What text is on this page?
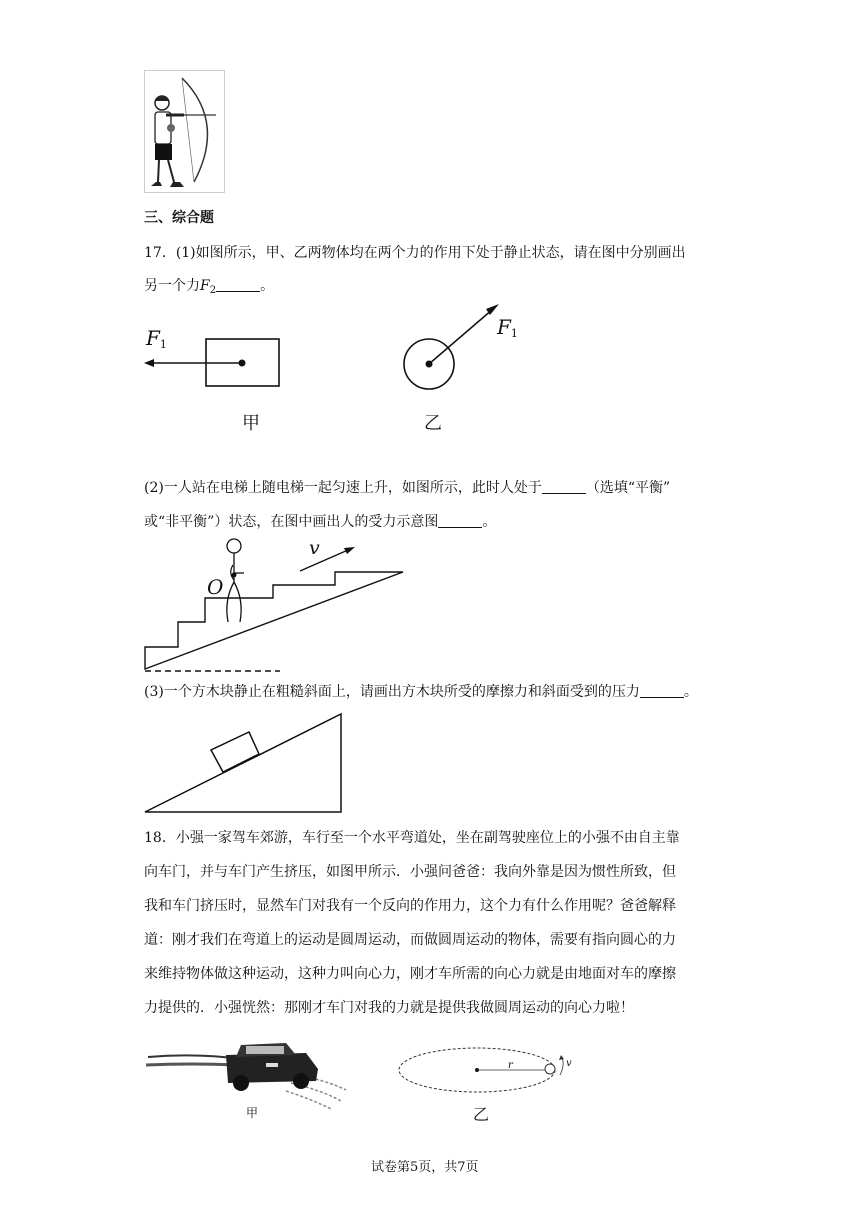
三、综合题
17．(1)如图所示，甲、乙两物体均在两个力的作用下处于静止状态，请在图中分别画出
另一个力$F_2$	。
F1
甲
F1
乙
(2)一人站在电梯上随电梯一起匀速上升，如图所示，此时人处于	（选填“平衡”
或“非平衡”）状态，在图中画出人的受力示意图	。
v
O
(3)一个方木块静止在粗糙斜面上，请画出方木块所受的摩擦力和斜面受到的压力	。
18．小强一家驾车郊游，车行至一个水平弯道处，坐在副驾驶座位上的小强不由自主靠
向车门，并与车门产生挤压，如图甲所示．小强问爸爸：我向外靠是因为惯性所致，但
我和车门挤压时，显然车门对我有一个反向的作用力，这个力有什么作用呢？爸爸解释
道：刚才我们在弯道上的运动是圆周运动，而做圆周运动的物体，需要有指向圆心的力
来维持物体做这种运动，这种力叫向心力，刚才车所需的向心力就是由地面对车的摩擦
力提供的．小强恍然：那刚才车门对我的力就是提供我做圆周运动的向心力啦！
甲
r	v
乙
试卷第5页，共7页
